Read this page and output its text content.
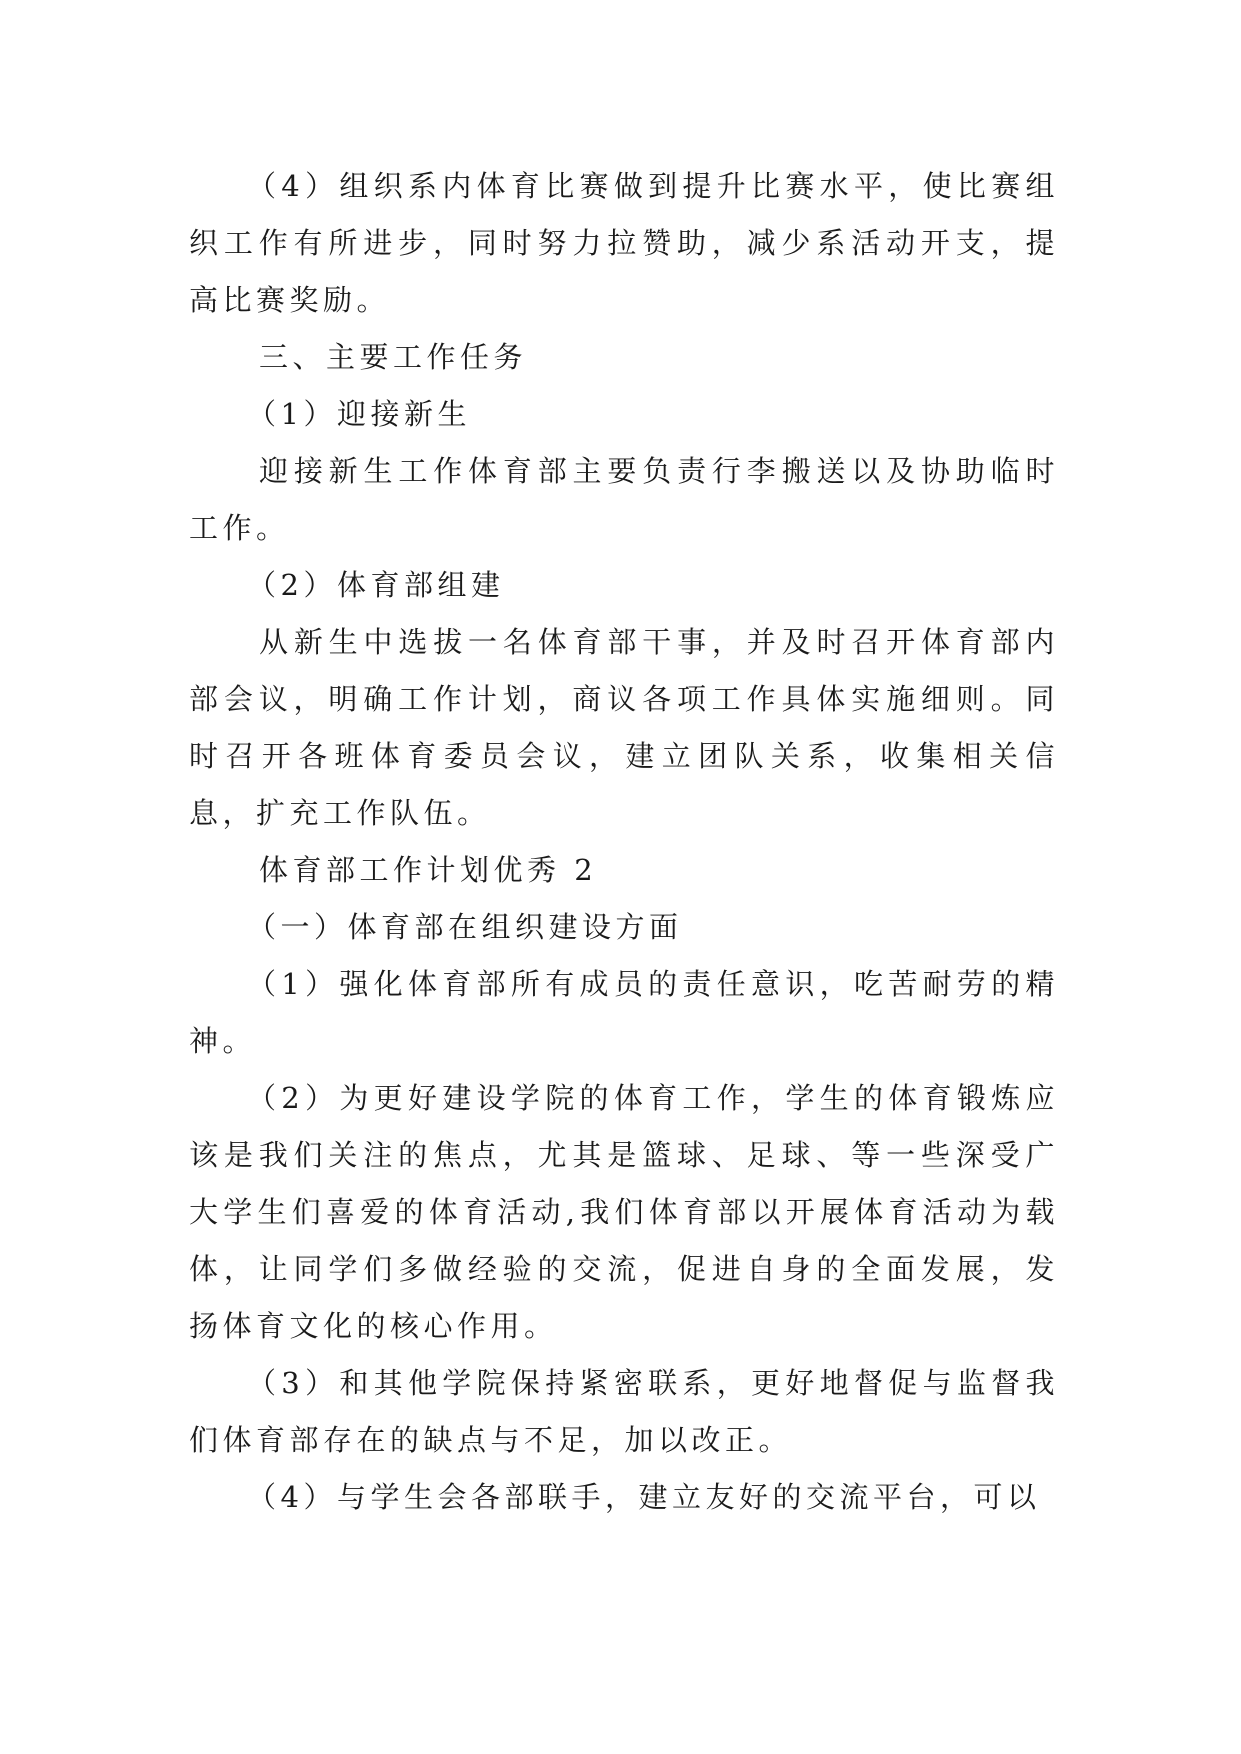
（4）组织系内体育比赛做到提升比赛水平，使比赛组织工作有所进步，同时努力拉赞助，减少系活动开支，提高比赛奖励。

三、主要工作任务

（1）迎接新生

迎接新生工作体育部主要负责行李搬送以及协助临时工作。

（2）体育部组建

从新生中选拔一名体育部干事，并及时召开体育部内部会议，明确工作计划，商议各项工作具体实施细则。同时召开各班体育委员会议，建立团队关系，收集相关信息，扩充工作队伍。

体育部工作计划优秀 2

（一）体育部在组织建设方面

（1）强化体育部所有成员的责任意识，吃苦耐劳的精神。

（2）为更好建设学院的体育工作，学生的体育锻炼应该是我们关注的焦点，尤其是篮球、足球、等一些深受广大学生们喜爱的体育活动,我们体育部以开展体育活动为载体，让同学们多做经验的交流，促进自身的全面发展，发扬体育文化的核心作用。

（3）和其他学院保持紧密联系，更好地督促与监督我们体育部存在的缺点与不足，加以改正。

（4）与学生会各部联手，建立友好的交流平台，可以
